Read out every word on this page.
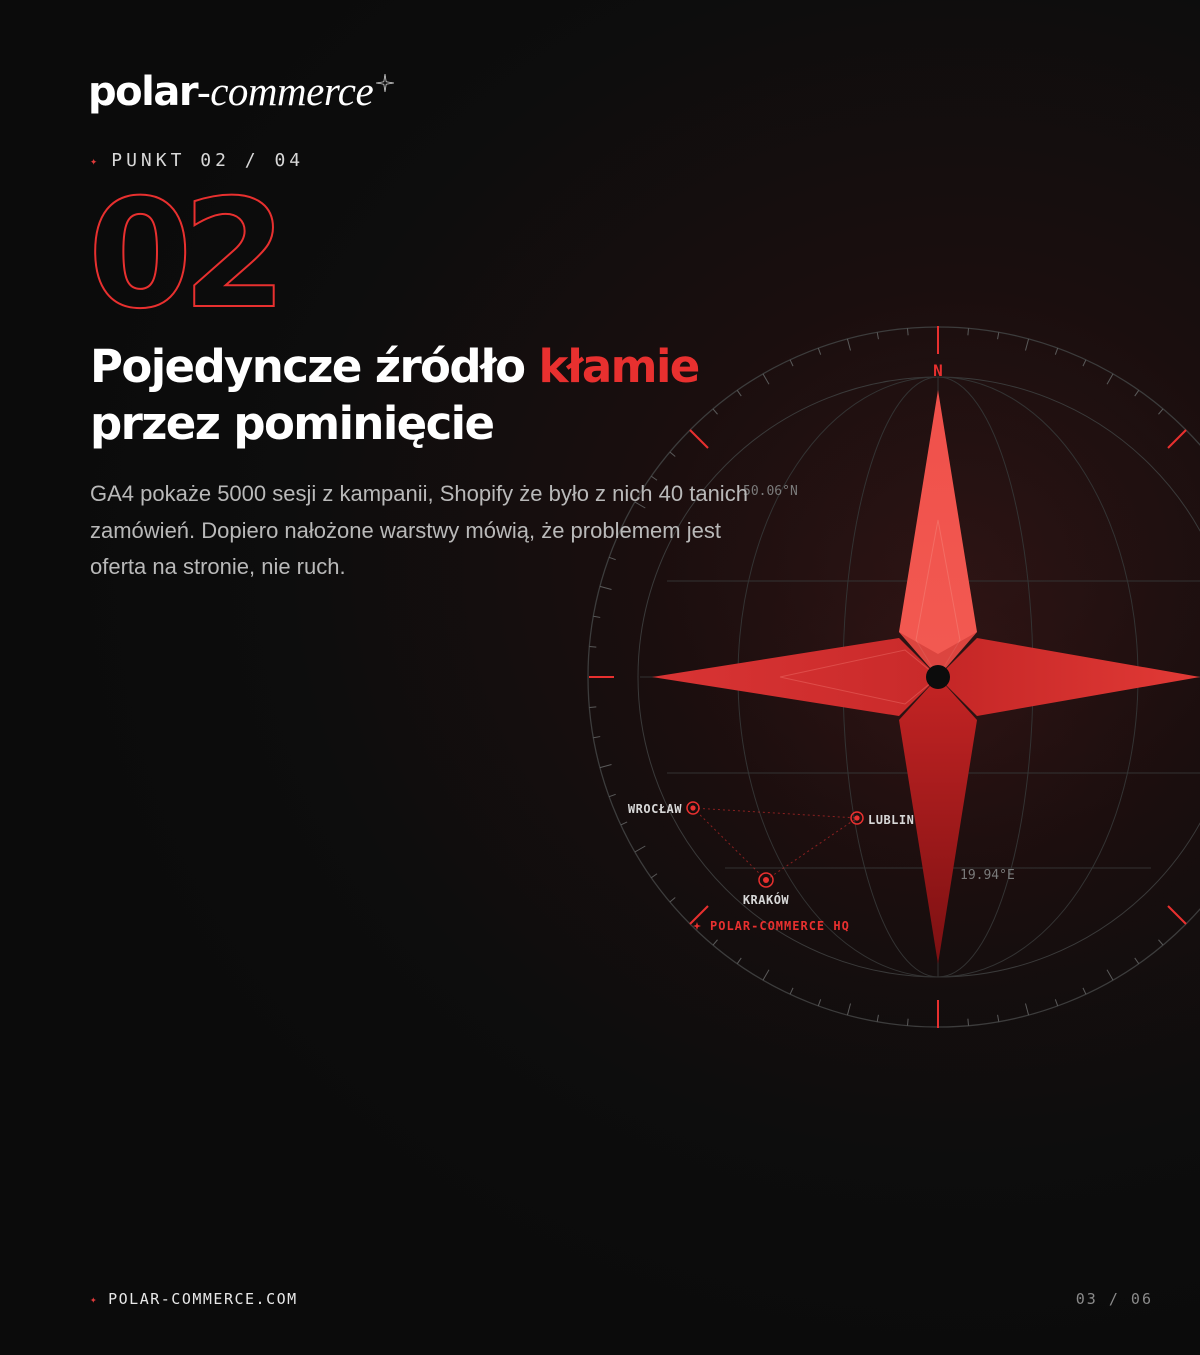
N
50.06°N
19.94°E
WROCŁAW
LUBLIN
KRAKÓW
POLAR-COMMERCE HQ
polar-commerce
✦ PUNKT 02 / 04
02
Pojedyncze źródło kłamie
przez pominięcie

GA4 pokaże 5000 sesji z kampanii, Shopify że było z nich 40 tanich zamówień. Dopiero nałożone warstwy mówią, że problemem jest oferta na stronie, nie ruch.

✦ POLAR-COMMERCE.COM	03 / 06
